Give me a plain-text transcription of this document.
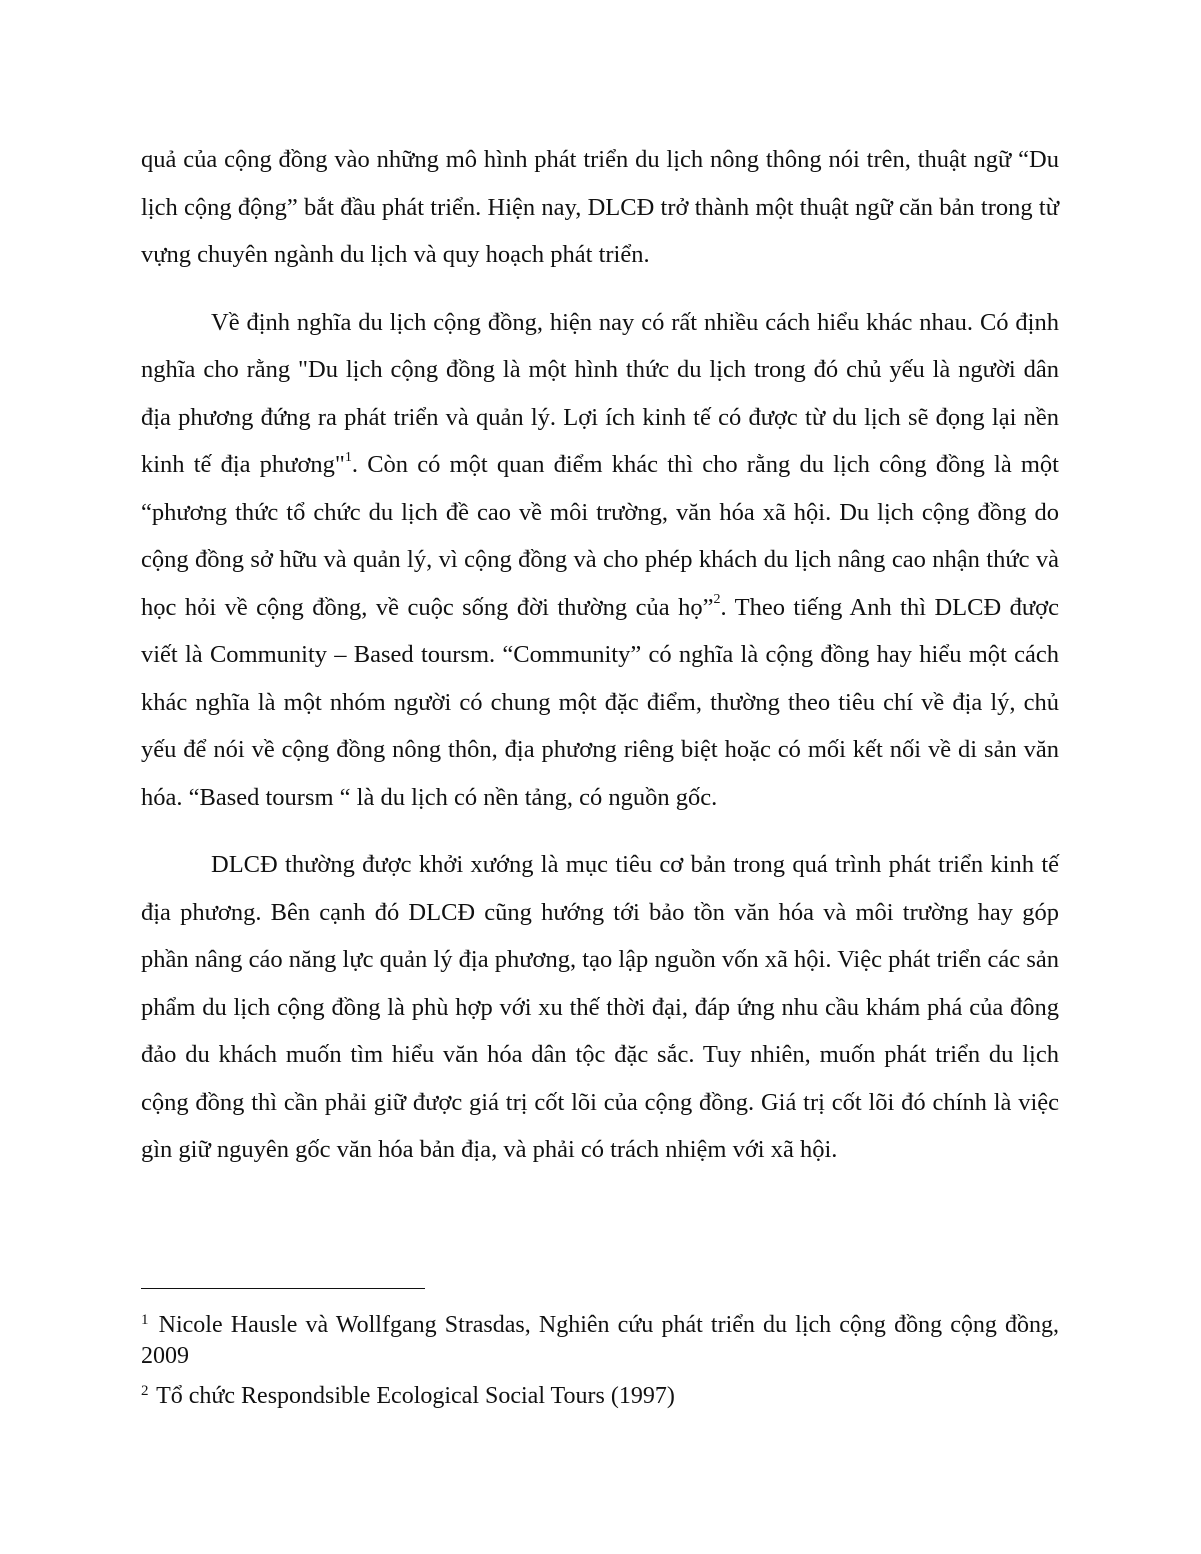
quả của cộng đồng vào những mô hình phát triển du lịch nông thông nói trên, thuật ngữ “Du lịch cộng động” bắt đầu phát triển. Hiện nay, DLCĐ trở thành một thuật ngữ căn bản trong từ vựng chuyên ngành du lịch và quy hoạch phát triển.

Về định nghĩa du lịch cộng đồng, hiện nay có rất nhiều cách hiểu khác nhau. Có định nghĩa cho rằng "Du lịch cộng đồng là một hình thức du lịch trong đó chủ yếu là người dân địa phương đứng ra phát triển và quản lý. Lợi ích kinh tế có được từ du lịch sẽ đọng lại nền kinh tế địa phương"$^1$. Còn có một quan điểm khác thì cho rằng du lịch công đồng là một “phương thức tổ chức du lịch đề cao về môi trường, văn hóa xã hội. Du lịch cộng đồng do cộng đồng sở hữu và quản lý, vì cộng đồng và cho phép khách du lịch nâng cao nhận thức và học hỏi về cộng đồng, về cuộc sống đời thường của họ”$^2$. Theo tiếng Anh thì DLCĐ được viết là Community – Based toursm. “Community” có nghĩa là cộng đồng hay hiểu một cách khác nghĩa là một nhóm người có chung một đặc điểm, thường theo tiêu chí về địa lý, chủ yếu để nói về cộng đồng nông thôn, địa phương riêng biệt hoặc có mối kết nối về di sản văn hóa. “Based toursm “ là du lịch có nền tảng, có nguồn gốc.

DLCĐ thường được khởi xướng là mục tiêu cơ bản trong quá trình phát triển kinh tế địa phương. Bên cạnh đó DLCĐ cũng hướng tới bảo tồn văn hóa và môi trường hay góp phần nâng cáo năng lực quản lý địa phương, tạo lập nguồn vốn xã hội. Việc phát triển các sản phẩm du lịch cộng đồng là phù hợp với xu thế thời đại, đáp ứng nhu cầu khám phá của đông đảo du khách muốn tìm hiểu văn hóa dân tộc đặc sắc. Tuy nhiên, muốn phát triển du lịch cộng đồng thì cần phải giữ được giá trị cốt lõi của cộng đồng. Giá trị cốt lõi đó chính là việc gìn giữ nguyên gốc văn hóa bản địa, và phải có trách nhiệm với xã hội.

$^1$ Nicole Hausle và Wollfgang Strasdas, Nghiên cứu phát triển du lịch cộng đồng cộng đồng, 2009

$^2$ Tổ chức Respondsible Ecological Social Tours (1997)
